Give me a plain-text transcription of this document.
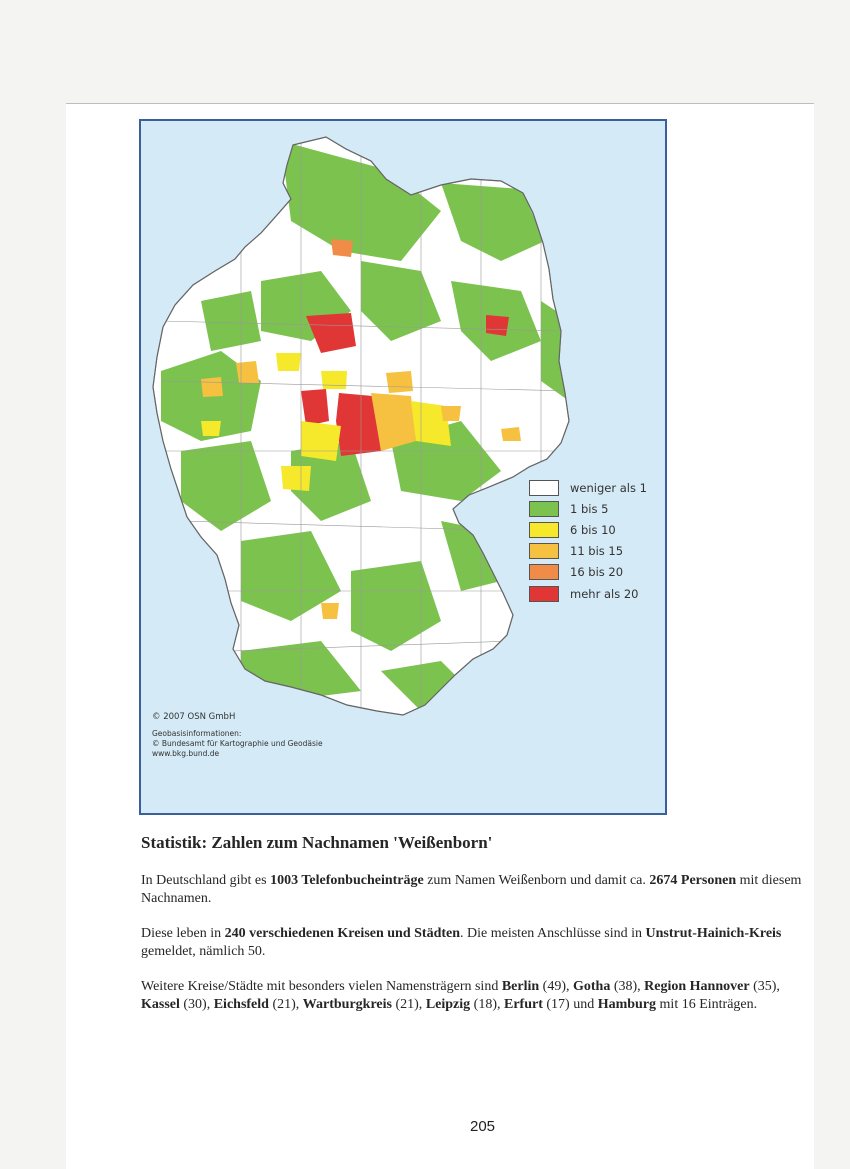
weniger als 1
1 bis 5
6 bis 10
11 bis 15
16 bis 20
mehr als 20
© 2007 OSN GmbH
Geobasisinformationen:
© Bundesamt für Kartographie und Geodäsie
www.bkg.bund.de
Statistik: Zahlen zum Nachnamen 'Weißenborn'

In Deutschland gibt es 1003 Telefonbucheinträge zum Namen Weißenborn und damit ca. 2674 Personen mit diesem Nachnamen.

Diese leben in 240 verschiedenen Kreisen und Städten. Die meisten Anschlüsse sind in Unstrut-Hainich-Kreis gemeldet, nämlich 50.

Weitere Kreise/Städte mit besonders vielen Namensträgern sind Berlin (49), Gotha (38), Region Hannover (35), Kassel (30), Eichsfeld (21), Wartburgkreis (21), Leipzig (18), Erfurt (17) und Hamburg mit 16 Einträgen.

205
